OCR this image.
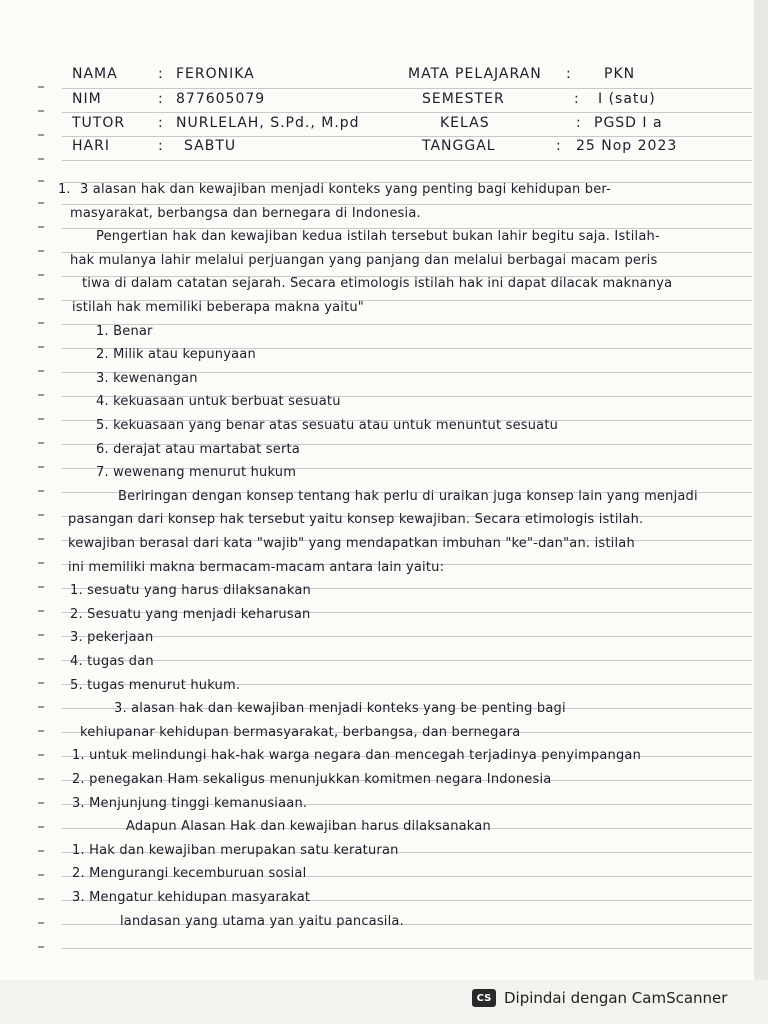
NAMA	: FERONIKA	MATA PELAJARAN : PKN
NIM	: 877605079	SEMESTER	: I (satu)
TUTOR : NURLELAH, S.Pd., M.pd	KELAS	: PGSD I a
HARI	: SABTU	TANGGAL	: 25 Nop 2023
1. 3 alasan hak dan kewajiban menjadi konteks yang penting bagi kehidupan ber-
masyarakat, berbangsa dan bernegara di Indonesia.
Pengertian hak dan kewajiban kedua istilah tersebut bukan lahir begitu saja. Istilah-
hak mulanya lahir melalui perjuangan yang panjang dan melalui berbagai macam peris
tiwa di dalam catatan sejarah. Secara etimologis istilah hak ini dapat dilacak maknanya
istilah hak memiliki beberapa makna yaitu"
1. Benar
2. Milik atau kepunyaan
3. kewenangan
4. kekuasaan untuk berbuat sesuatu
5. kekuasaan yang benar atas sesuatu atau untuk menuntut sesuatu
6. derajat atau martabat serta
7. wewenang menurut hukum
Beriringan dengan konsep tentang hak perlu di uraikan juga konsep lain yang menjadi
pasangan dari konsep hak tersebut yaitu konsep kewajiban. Secara etimologis istilah.
kewajiban berasal dari kata "wajib" yang mendapatkan imbuhan "ke"-dan"an. istilah
ini memiliki makna bermacam-macam antara lain yaitu:
1. sesuatu yang harus dilaksanakan
2. Sesuatu yang menjadi keharusan
3. pekerjaan
4. tugas dan
5. tugas menurut hukum.
3. alasan hak dan kewajiban menjadi konteks yang be penting bagi
kehiupanar kehidupan bermasyarakat, berbangsa, dan bernegara
1. untuk melindungi hak-hak warga negara dan mencegah terjadinya penyimpangan
2. penegakan Ham sekaligus menunjukkan komitmen negara Indonesia
3. Menjunjung tinggi kemanusiaan.
Adapun Alasan Hak dan kewajiban harus dilaksanakan
1. Hak dan kewajiban merupakan satu keraturan
2. Mengurangi kecemburuan sosial
3. Mengatur kehidupan masyarakat
landasan yang utama yan yaitu pancasila.
CS Dipindai dengan CamScanner
